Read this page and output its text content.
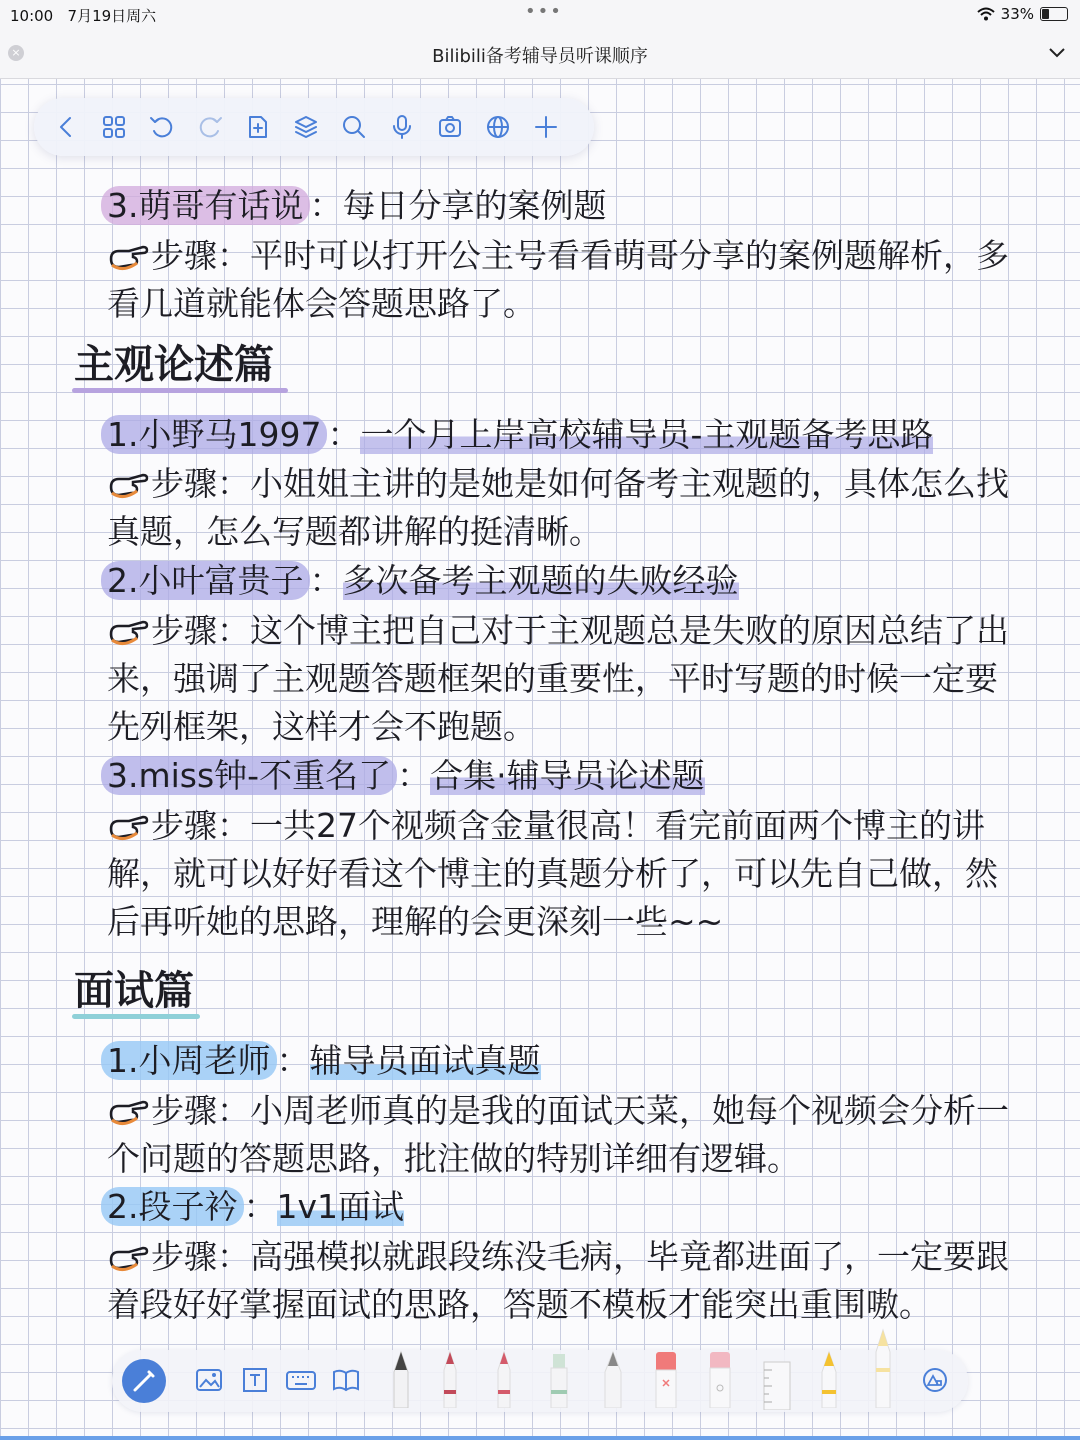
10:00 7月19日周六	•••	33%
×	Bilibili备考辅导员听课顺序
3.萌哥有话说 ：每日分享的案例题
步骤：平时可以打开公主号看看萌哥分享的案例题解析，多
看几道就能体会答题思路了。
主观论述篇
1.小野马1997 ：一个月上岸高校辅导员-主观题备考思路
步骤：小姐姐主讲的是她是如何备考主观题的，具体怎么找
真题，怎么写题都讲解的挺清晰。
2.小叶富贵子 ：多次备考主观题的失败经验
步骤：这个博主把自己对于主观题总是失败的原因总结了出
来，强调了主观题答题框架的重要性，平时写题的时候一定要
先列框架，这样才会不跑题。
3.miss钟-不重名了 ：合集·辅导员论述题
步骤：一共27个视频含金量很高！看完前面两个博主的讲
解，就可以好好看这个博主的真题分析了，可以先自己做，然
后再听她的思路，理解的会更深刻一些~~
面试篇
1.小周老师 ：辅导员面试真题
步骤：小周老师真的是我的面试天菜，她每个视频会分析一
个问题的答题思路，批注做的特别详细有逻辑。
2.段子衿 ：1v1面试
步骤：高强模拟就跟段练没毛病，毕竟都进面了，一定要跟
着段好好掌握面试的思路，答题不模板才能突出重围嗷。
